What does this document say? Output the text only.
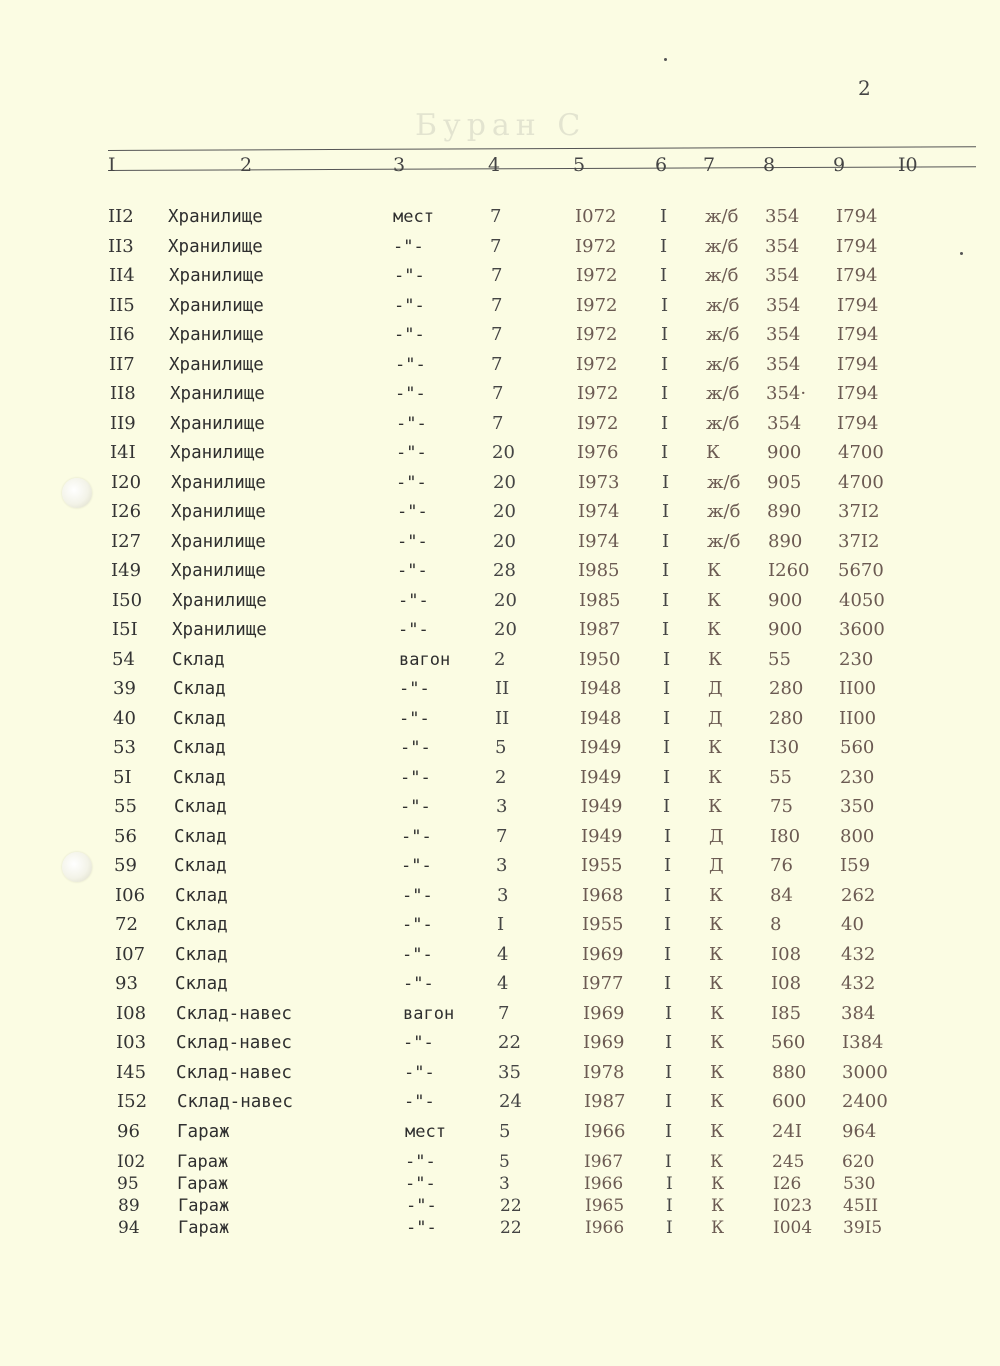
Буран С
2
I	2	3	4	5	6 7	8	9	I0
II2 Хранилище	мест	7	I072 I ж/б 354 I794
II3 Хранилище	-"-	7	I972 I ж/б 354 I794
II4 Хранилище	-"-	7	I972 I ж/б 354 I794
II5 Хранилище	-"-	7	I972 I ж/б 354 I794
II6 Хранилище	-"-	7	I972 I ж/б 354 I794
II7 Хранилище	-"-	7	I972 I ж/б 354 I794
II8 Хранилище	-"-	7	I972 I ж/б 354· I794
II9 Хранилище	-"-	7	I972 I ж/б 354 I794
I4I Хранилище	-"-	20	I976 I К	900 4700
I20 Хранилище	-"-	20	I973 I ж/б 905 4700
I26 Хранилище	-"-	20	I974 I ж/б 890 37I2
I27 Хранилище	-"-	20	I974 I ж/б 890 37I2
I49 Хранилище	-"-	28	I985 I К	I260 5670
I50 Хранилище	-"-	20	I985 I К	900 4050
I5I Хранилище	-"-	20	I987 I К	900 3600
54 Склад	вагон 2	I950 I К	55	230
39 Склад	-"-	II	I948 I Д	280 II00
40 Склад	-"-	II	I948 I Д	280 II00
53 Склад	-"-	5	I949 I К	I30 560
5I Склад	-"-	2	I949 I К	55	230
55 Склад	-"-	3	I949 I К	75	350
56 Склад	-"-	7	I949 I Д	I80 800
59 Склад	-"-	3	I955 I Д	76	I59
I06 Склад	-"-	3	I968 I К	84	262
72 Склад	-"-	I	I955 I К	8	40
I07 Склад	-"-	4	I969 I К	I08 432
93 Склад	-"-	4	I977 I К	I08 432
I08 Склад-навес	вагон 7	I969 I К	I85 384
I03 Склад-навес	-"-	22	I969 I К	560 I384
I45 Склад-навес	-"-	35	I978 I К	880 3000
I52 Склад-навес	-"-	24	I987 I К	600 2400
96 Гараж	мест	5	I966 I К	24I 964
I02 Гараж	-"-	5	I967 I К	245 620
95 Гараж	-"-	3	I966	I К	I26 530
89 Гараж	-"-	22	I965 I К	I023 45II
94 Гараж	-"-	22	I966 I К	I004 39I5
